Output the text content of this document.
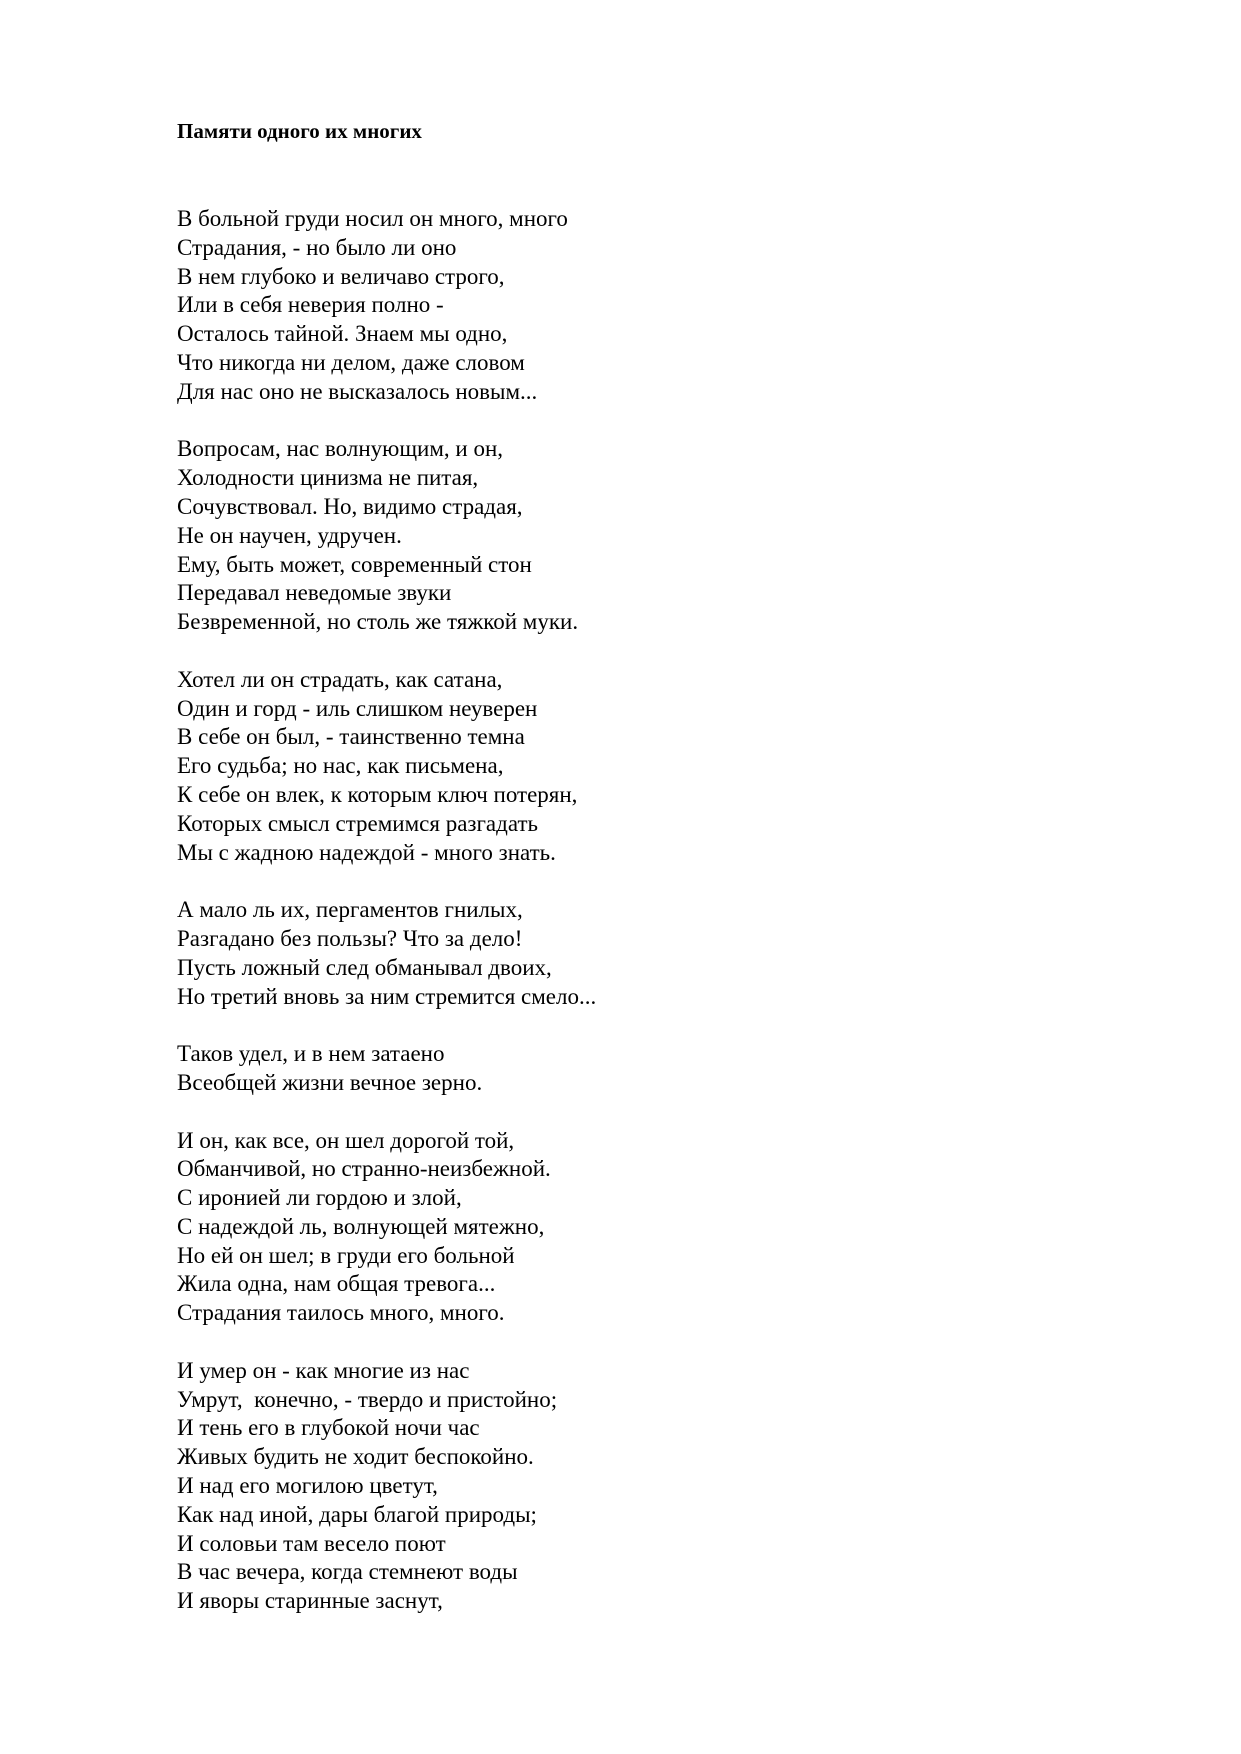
Памяти одного их многих
В больной груди носил он много, много
Страдания, - но было ли оно
В нем глубоко и величаво строго,
Или в себя неверия полно -
Осталось тайной. Знаем мы одно,
Что никогда ни делом, даже словом
Для нас оно не высказалось новым...
Вопросам, нас волнующим, и он,
Холодности цинизма не питая,
Сочувствовал. Но, видимо страдая,
Не он научен, удручен.
Ему, быть может, современный стон
Передавал неведомые звуки
Безвременной, но столь же тяжкой муки.
Хотел ли он страдать, как сатана,
Один и горд - иль слишком неуверен
В себе он был, - таинственно темна
Его судьба; но нас, как письмена,
К себе он влек, к которым ключ потерян,
Которых смысл стремимся разгадать
Мы с жадною надеждой - много знать.
А мало ль их, пергаментов гнилых,
Разгадано без пользы? Что за дело!
Пусть ложный след обманывал двоих,
Но третий вновь за ним стремится смело...
Таков удел, и в нем затаено
Всеобщей жизни вечное зерно.
И он, как все, он шел дорогой той,
Обманчивой, но странно-неизбежной.
С иронией ли гордою и злой,
С надеждой ль, волнующей мятежно,
Но ей он шел; в груди его больной
Жила одна, нам общая тревога...
Страдания таилось много, много.
И умер он - как многие из нас
Умрут,  конечно, - твердо и пристойно;
И тень его в глубокой ночи час
Живых будить не ходит беспокойно.
И над его могилою цветут,
Как над иной, дары благой природы;
И соловьи там весело поют
В час вечера, когда стемнеют воды
И яворы старинные заснут,
